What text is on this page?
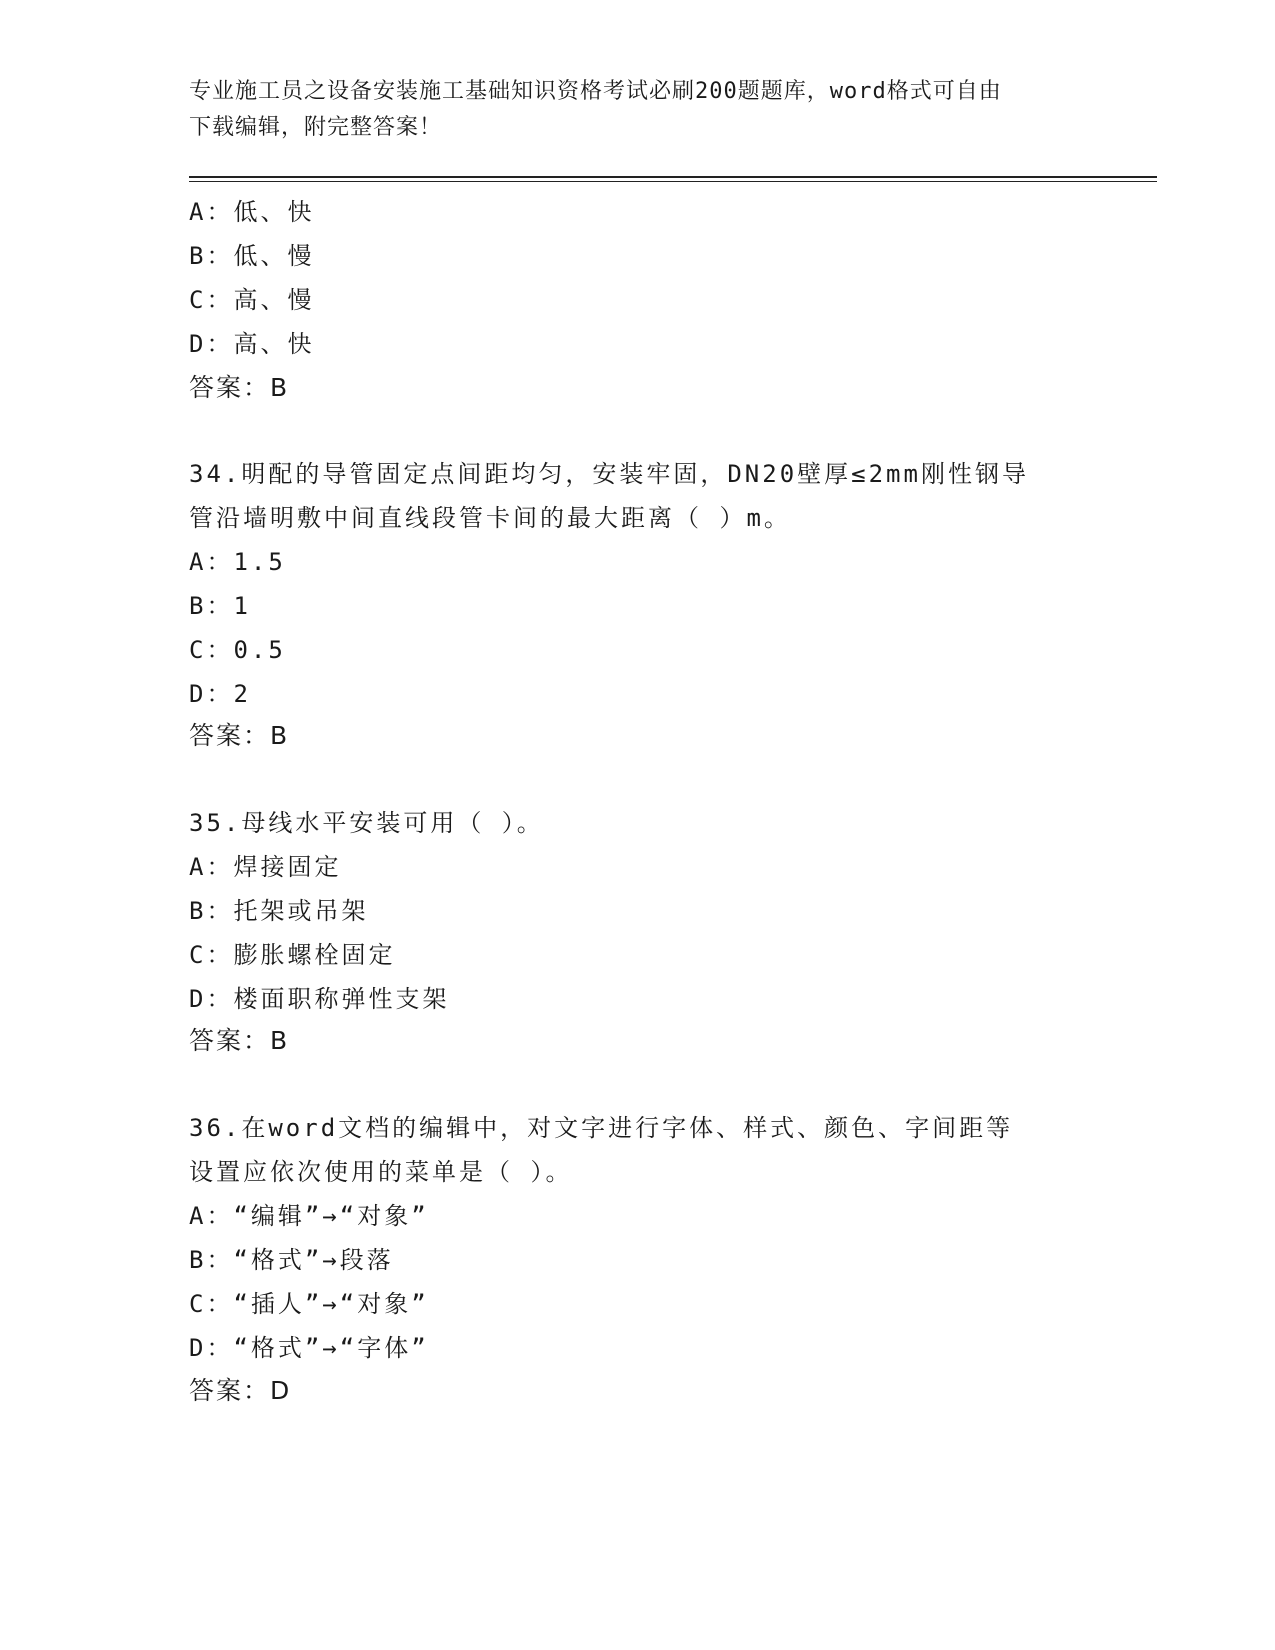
专业施工员之设备安装施工基础知识资格考试必刷200题题库，word格式可自由
下载编辑，附完整答案！
A：低、快
B：低、慢
C：高、慢
D：高、快
答案：B
34.明配的导管固定点间距均匀，安装牢固，DN20壁厚≤2mm刚性钢导
管沿墙明敷中间直线段管卡间的最大距离（ ）m。
A：1.5
B：1
C：0.5
D：2
答案：B
35.母线水平安装可用（ ）。
A：焊接固定
B：托架或吊架
C：膨胀螺栓固定
D：楼面职称弹性支架
答案：B
36.在word文档的编辑中，对文字进行字体、样式、颜色、字间距等
设置应依次使用的菜单是（ ）。
A：“编辑”→“对象”
B：“格式”→段落
C：“插人”→“对象”
D：“格式”→“字体”
答案：D
